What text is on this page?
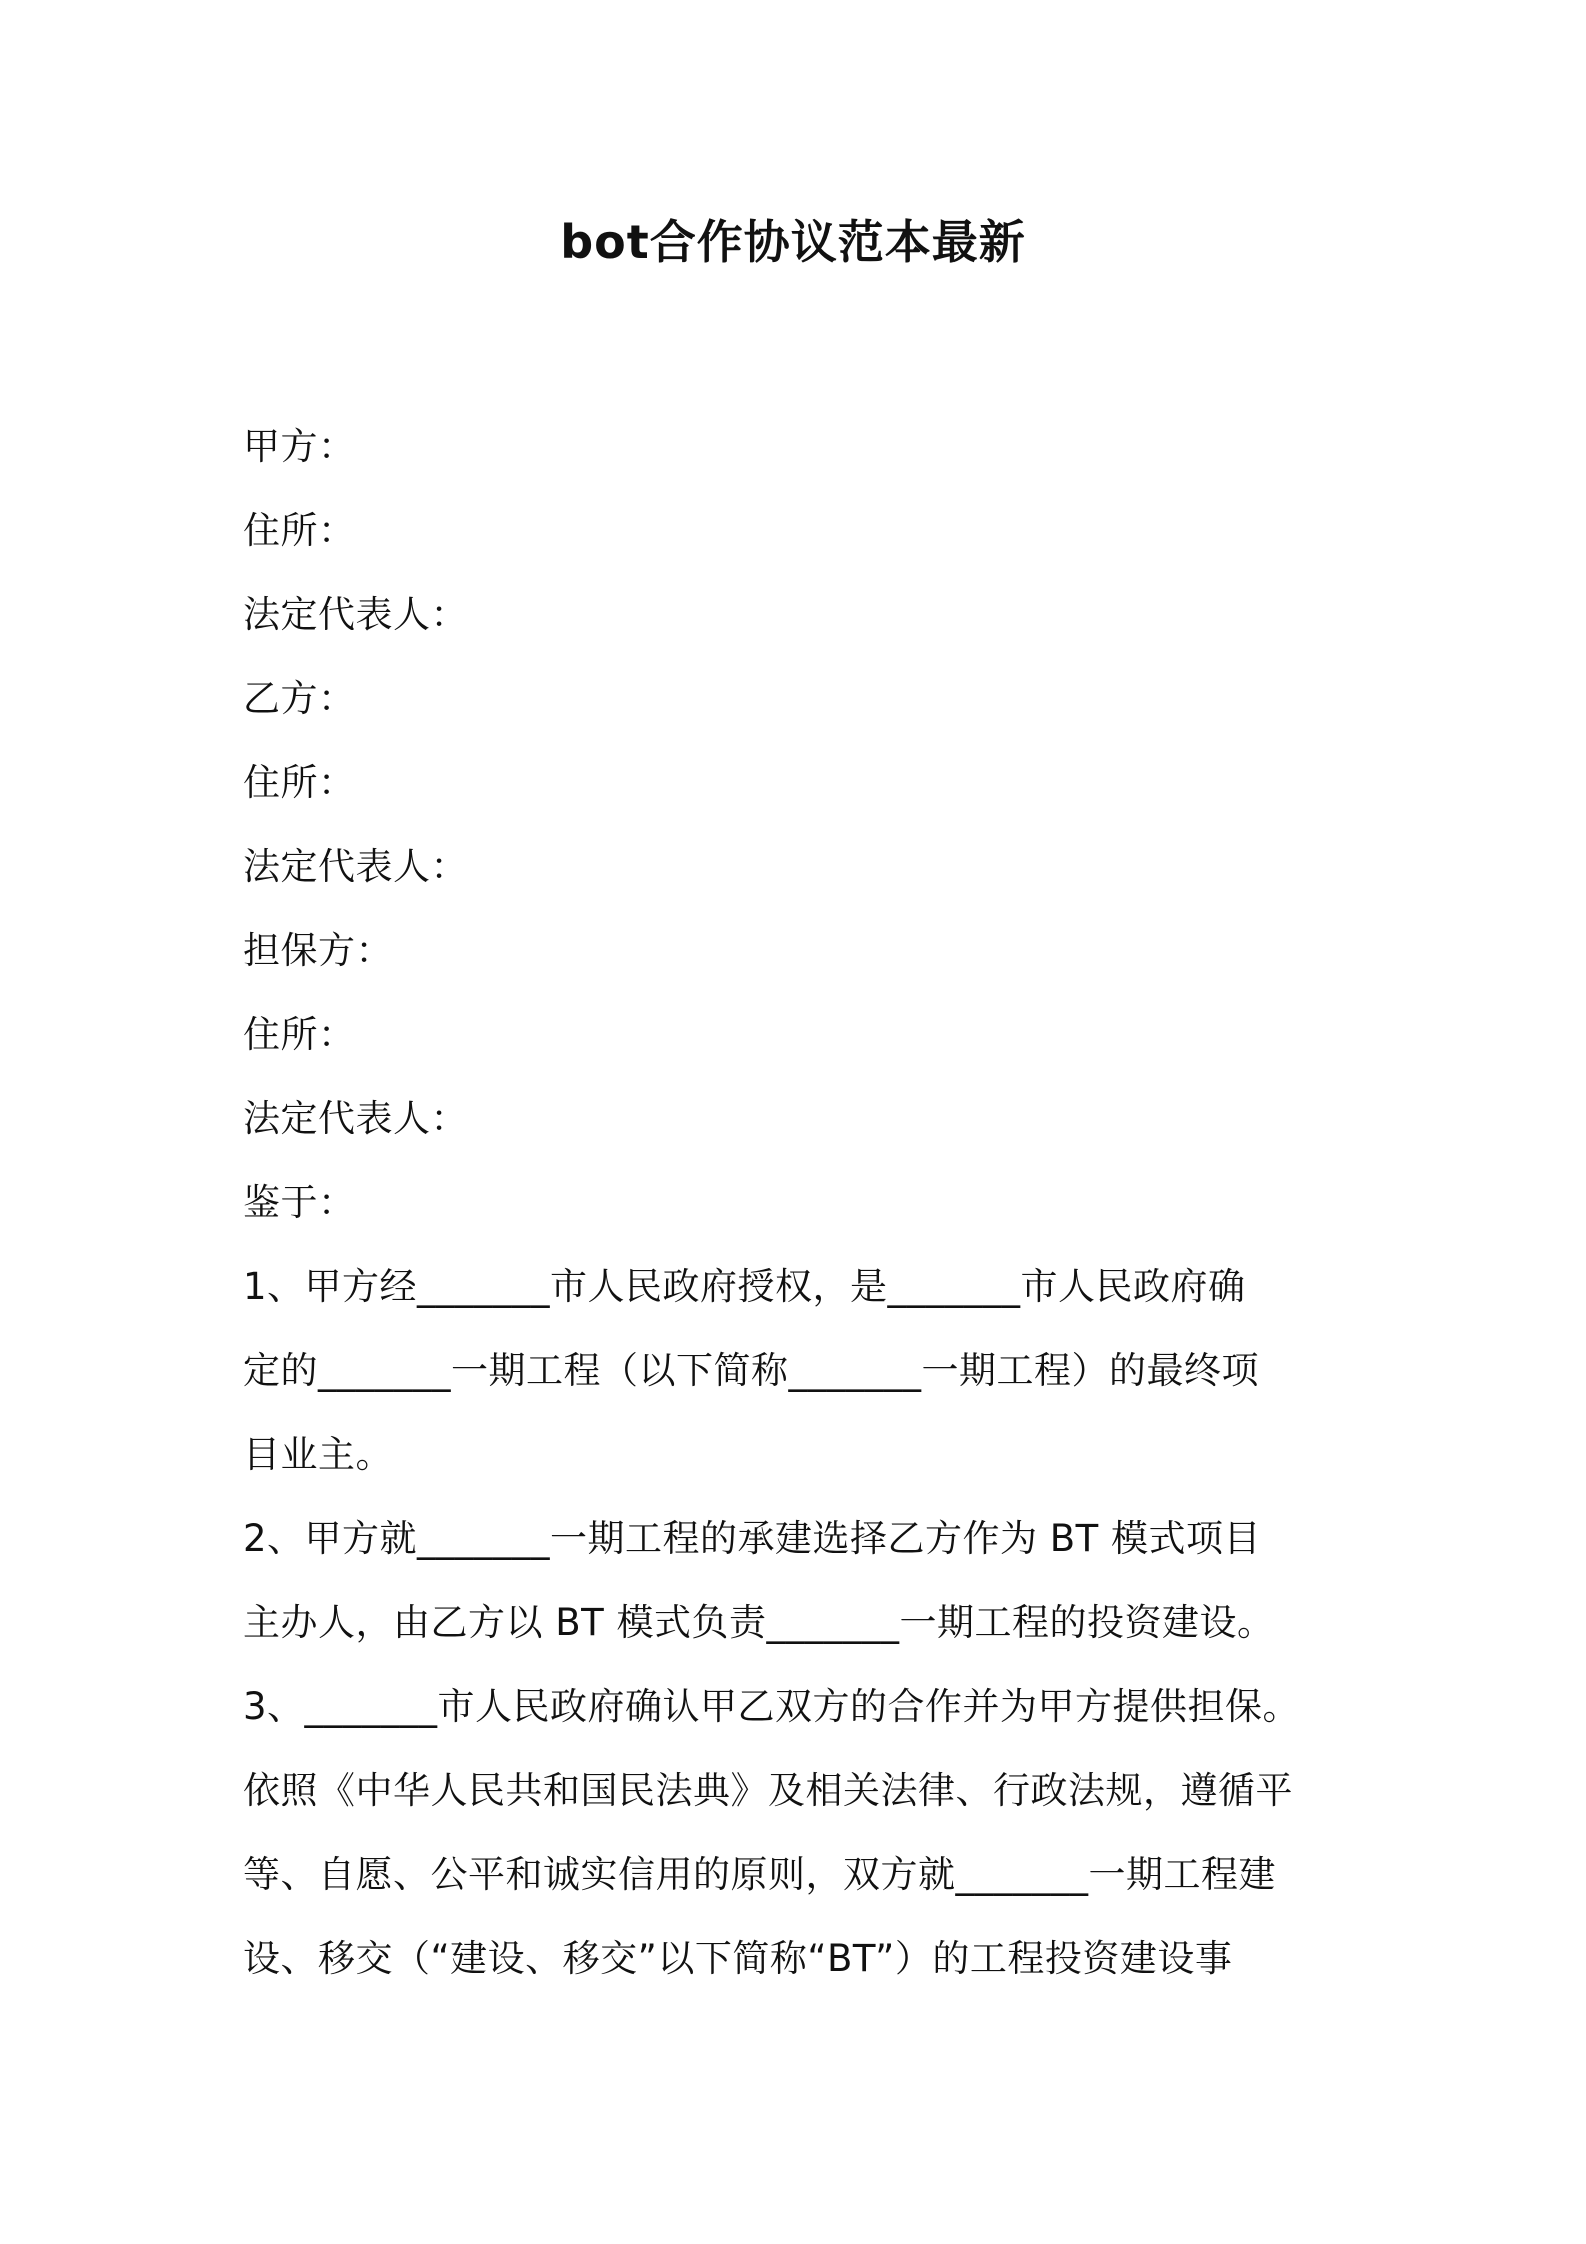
bot合作协议范本最新
甲方：
住所：
法定代表人：
乙方：
住所：
法定代表人：
担保方：
住所：
法定代表人：
鉴于：
1、甲方经_______市人民政府授权，是_______市人民政府确
定的_______一期工程（以下简称_______一期工程）的最终项
目业主。
2、甲方就_______一期工程的承建选择乙方作为 BT 模式项目
主办人，由乙方以 BT 模式负责_______一期工程的投资建设。
3、_______市人民政府确认甲乙双方的合作并为甲方提供担保。
依照《中华人民共和国民法典》及相关法律、行政法规，遵循平
等、自愿、公平和诚实信用的原则，双方就_______一期工程建
设、移交（“建设、移交”以下简称“BT”）的工程投资建设事
